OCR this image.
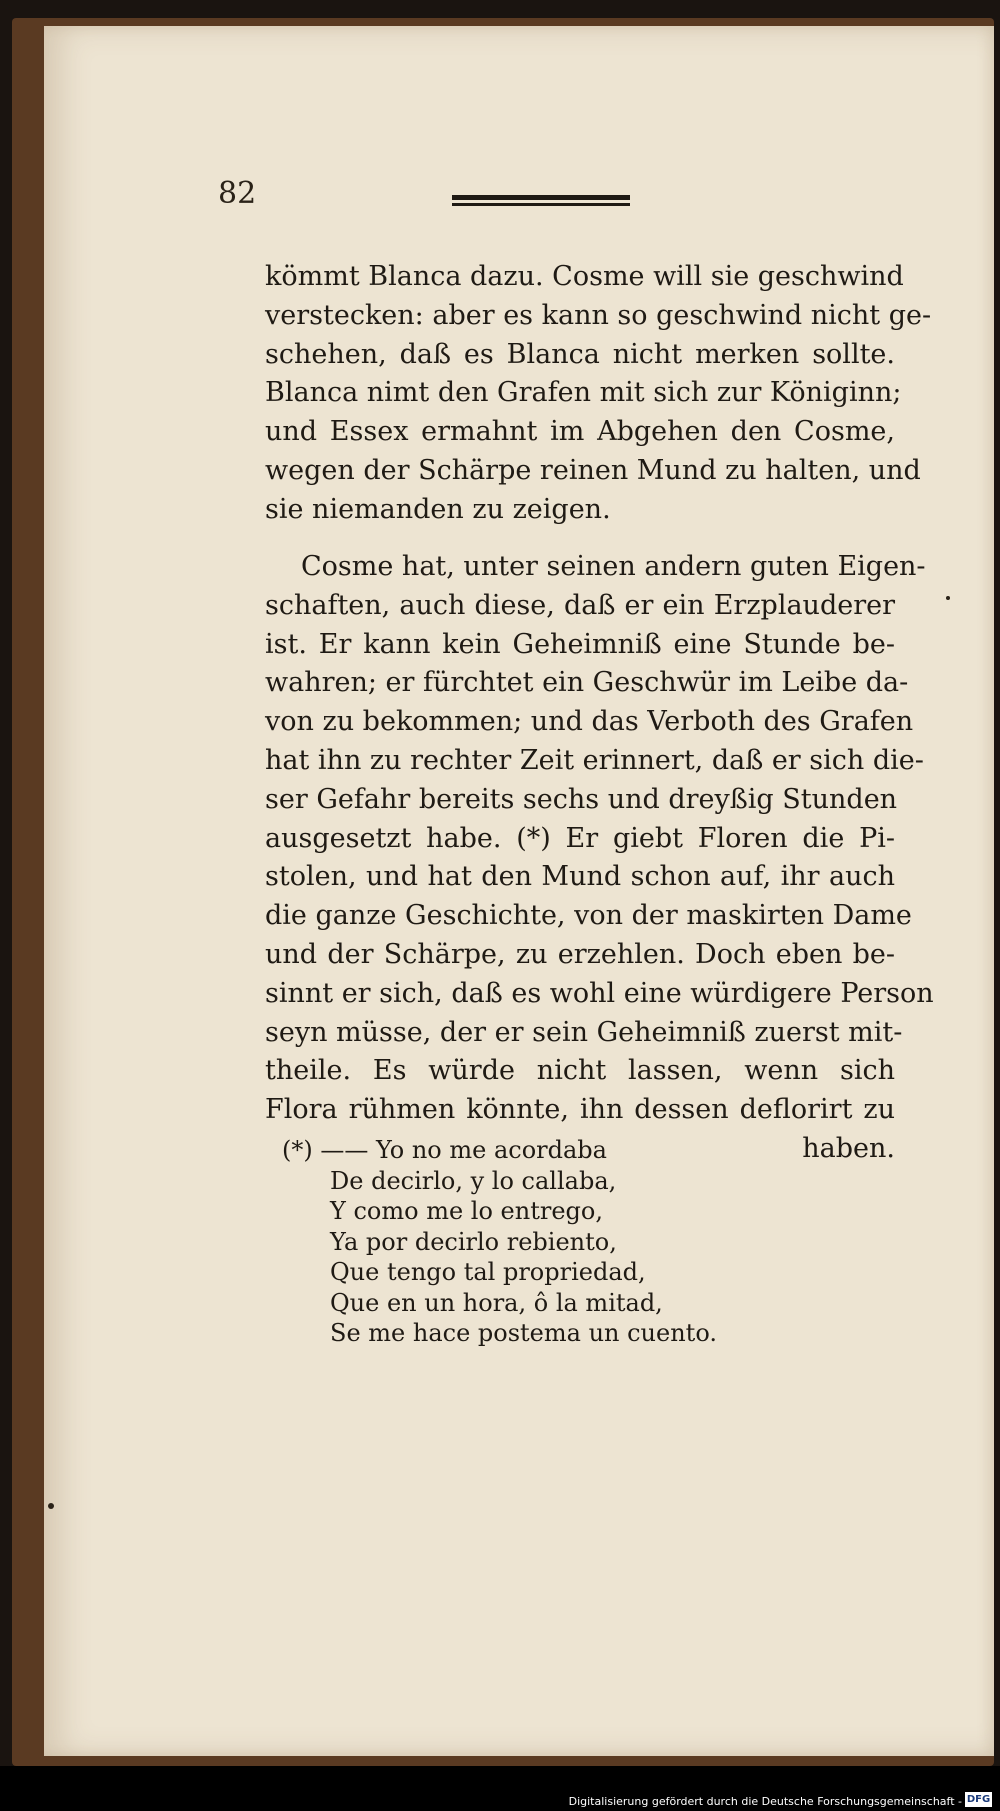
82
kömmt Blanca dazu. Cosme will sie geschwind
verstecken: aber es kann so geschwind nicht ge-
schehen, daß es Blanca nicht merken sollte.
Blanca nimt den Grafen mit sich zur Königinn;
und Essex ermahnt im Abgehen den Cosme,
wegen der Schärpe reinen Mund zu halten, und
sie niemanden zu zeigen.
Cosme hat, unter seinen andern guten Eigen-
schaften, auch diese, daß er ein Erzplauderer
ist. Er kann kein Geheimniß eine Stunde be-
wahren; er fürchtet ein Geschwür im Leibe da-
von zu bekommen; und das Verboth des Grafen
hat ihn zu rechter Zeit erinnert, daß er sich die-
ser Gefahr bereits sechs und dreyßig Stunden
ausgesetzt habe. (*) Er giebt Floren die Pi-
stolen, und hat den Mund schon auf, ihr auch
die ganze Geschichte, von der maskirten Dame
und der Schärpe, zu erzehlen. Doch eben be-
sinnt er sich, daß es wohl eine würdigere Person
seyn müsse, der er sein Geheimniß zuerst mit-
theile. Es würde nicht lassen, wenn sich
Flora rühmen könnte, ihn dessen deflorirt zu
haben.
(*) —— Yo no me acordaba
De decirlo, y lo callaba,
Y como me lo entrego,
Ya por decirlo rebiento,
Que tengo tal propriedad,
Que en un hora, ô la mitad,
Se me hace postema un cuento.
Digitalisierung gefördert durch die Deutsche Forschungsgemeinschaft - DFG
